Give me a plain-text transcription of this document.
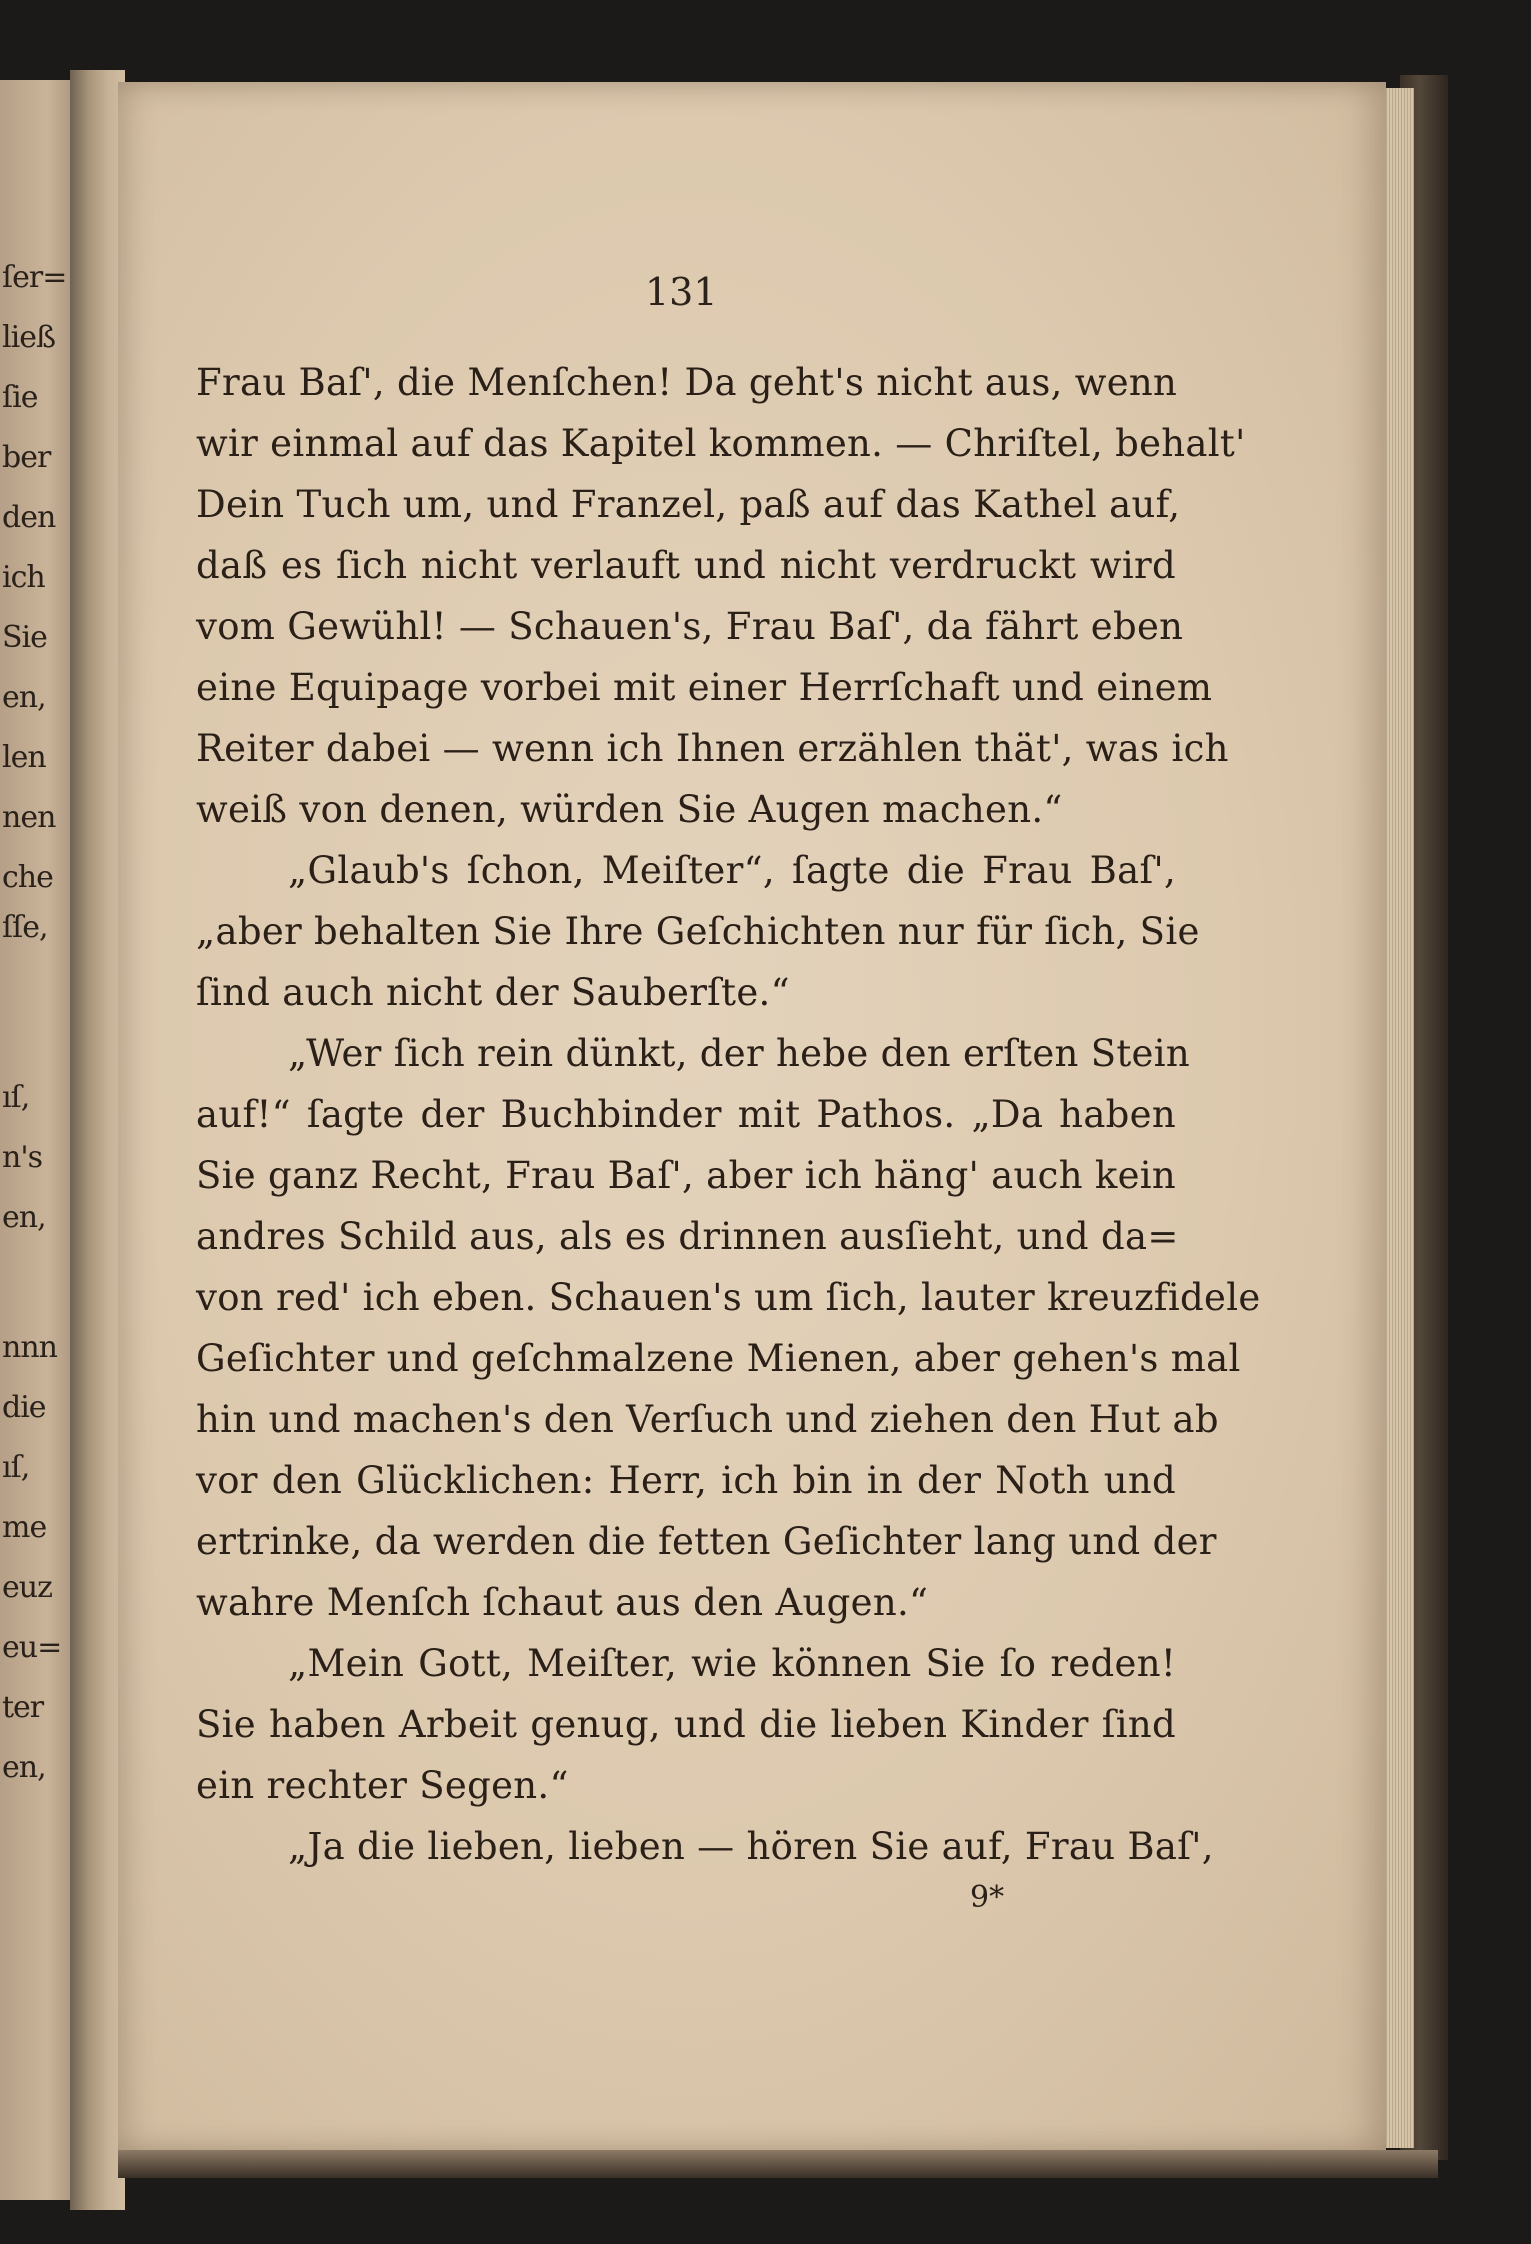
ſer=
ließ
ſie
ber
den
ich
Sie
en,
len
nen
che
ſſe,
ıſ,
n's
en,
nnn
die
ıſ,
me
euz
eu=
ter
en,
131
Frau Baſ', die Menſchen! Da geht's nicht aus, wenn
wir einmal auf das Kapitel kommen. — Chriſtel, behalt'
Dein Tuch um, und Franzel, paß auf das Kathel auf,
daß es ſich nicht verlauft und nicht verdruckt wird
vom Gewühl! — Schauen's, Frau Baſ', da fährt eben
eine Equipage vorbei mit einer Herrſchaft und einem
Reiter dabei — wenn ich Ihnen erzählen thät', was ich
weiß von denen, würden Sie Augen machen.“
„Glaub's ſchon, Meiſter“, ſagte die Frau Baſ',
„aber behalten Sie Ihre Geſchichten nur für ſich, Sie
ſind auch nicht der Sauberſte.“
„Wer ſich rein dünkt, der hebe den erſten Stein
auf!“ ſagte der Buchbinder mit Pathos. „Da haben
Sie ganz Recht, Frau Baſ', aber ich häng' auch kein
andres Schild aus, als es drinnen ausſieht, und da=
von red' ich eben. Schauen's um ſich, lauter kreuzfidele
Geſichter und geſchmalzene Mienen, aber gehen's mal
hin und machen's den Verſuch und ziehen den Hut ab
vor den Glücklichen: Herr, ich bin in der Noth und
ertrinke, da werden die fetten Geſichter lang und der
wahre Menſch ſchaut aus den Augen.“
„Mein Gott, Meiſter, wie können Sie ſo reden!
Sie haben Arbeit genug, und die lieben Kinder ſind
ein rechter Segen.“
„Ja die lieben, lieben — hören Sie auf, Frau Baſ',
9*
